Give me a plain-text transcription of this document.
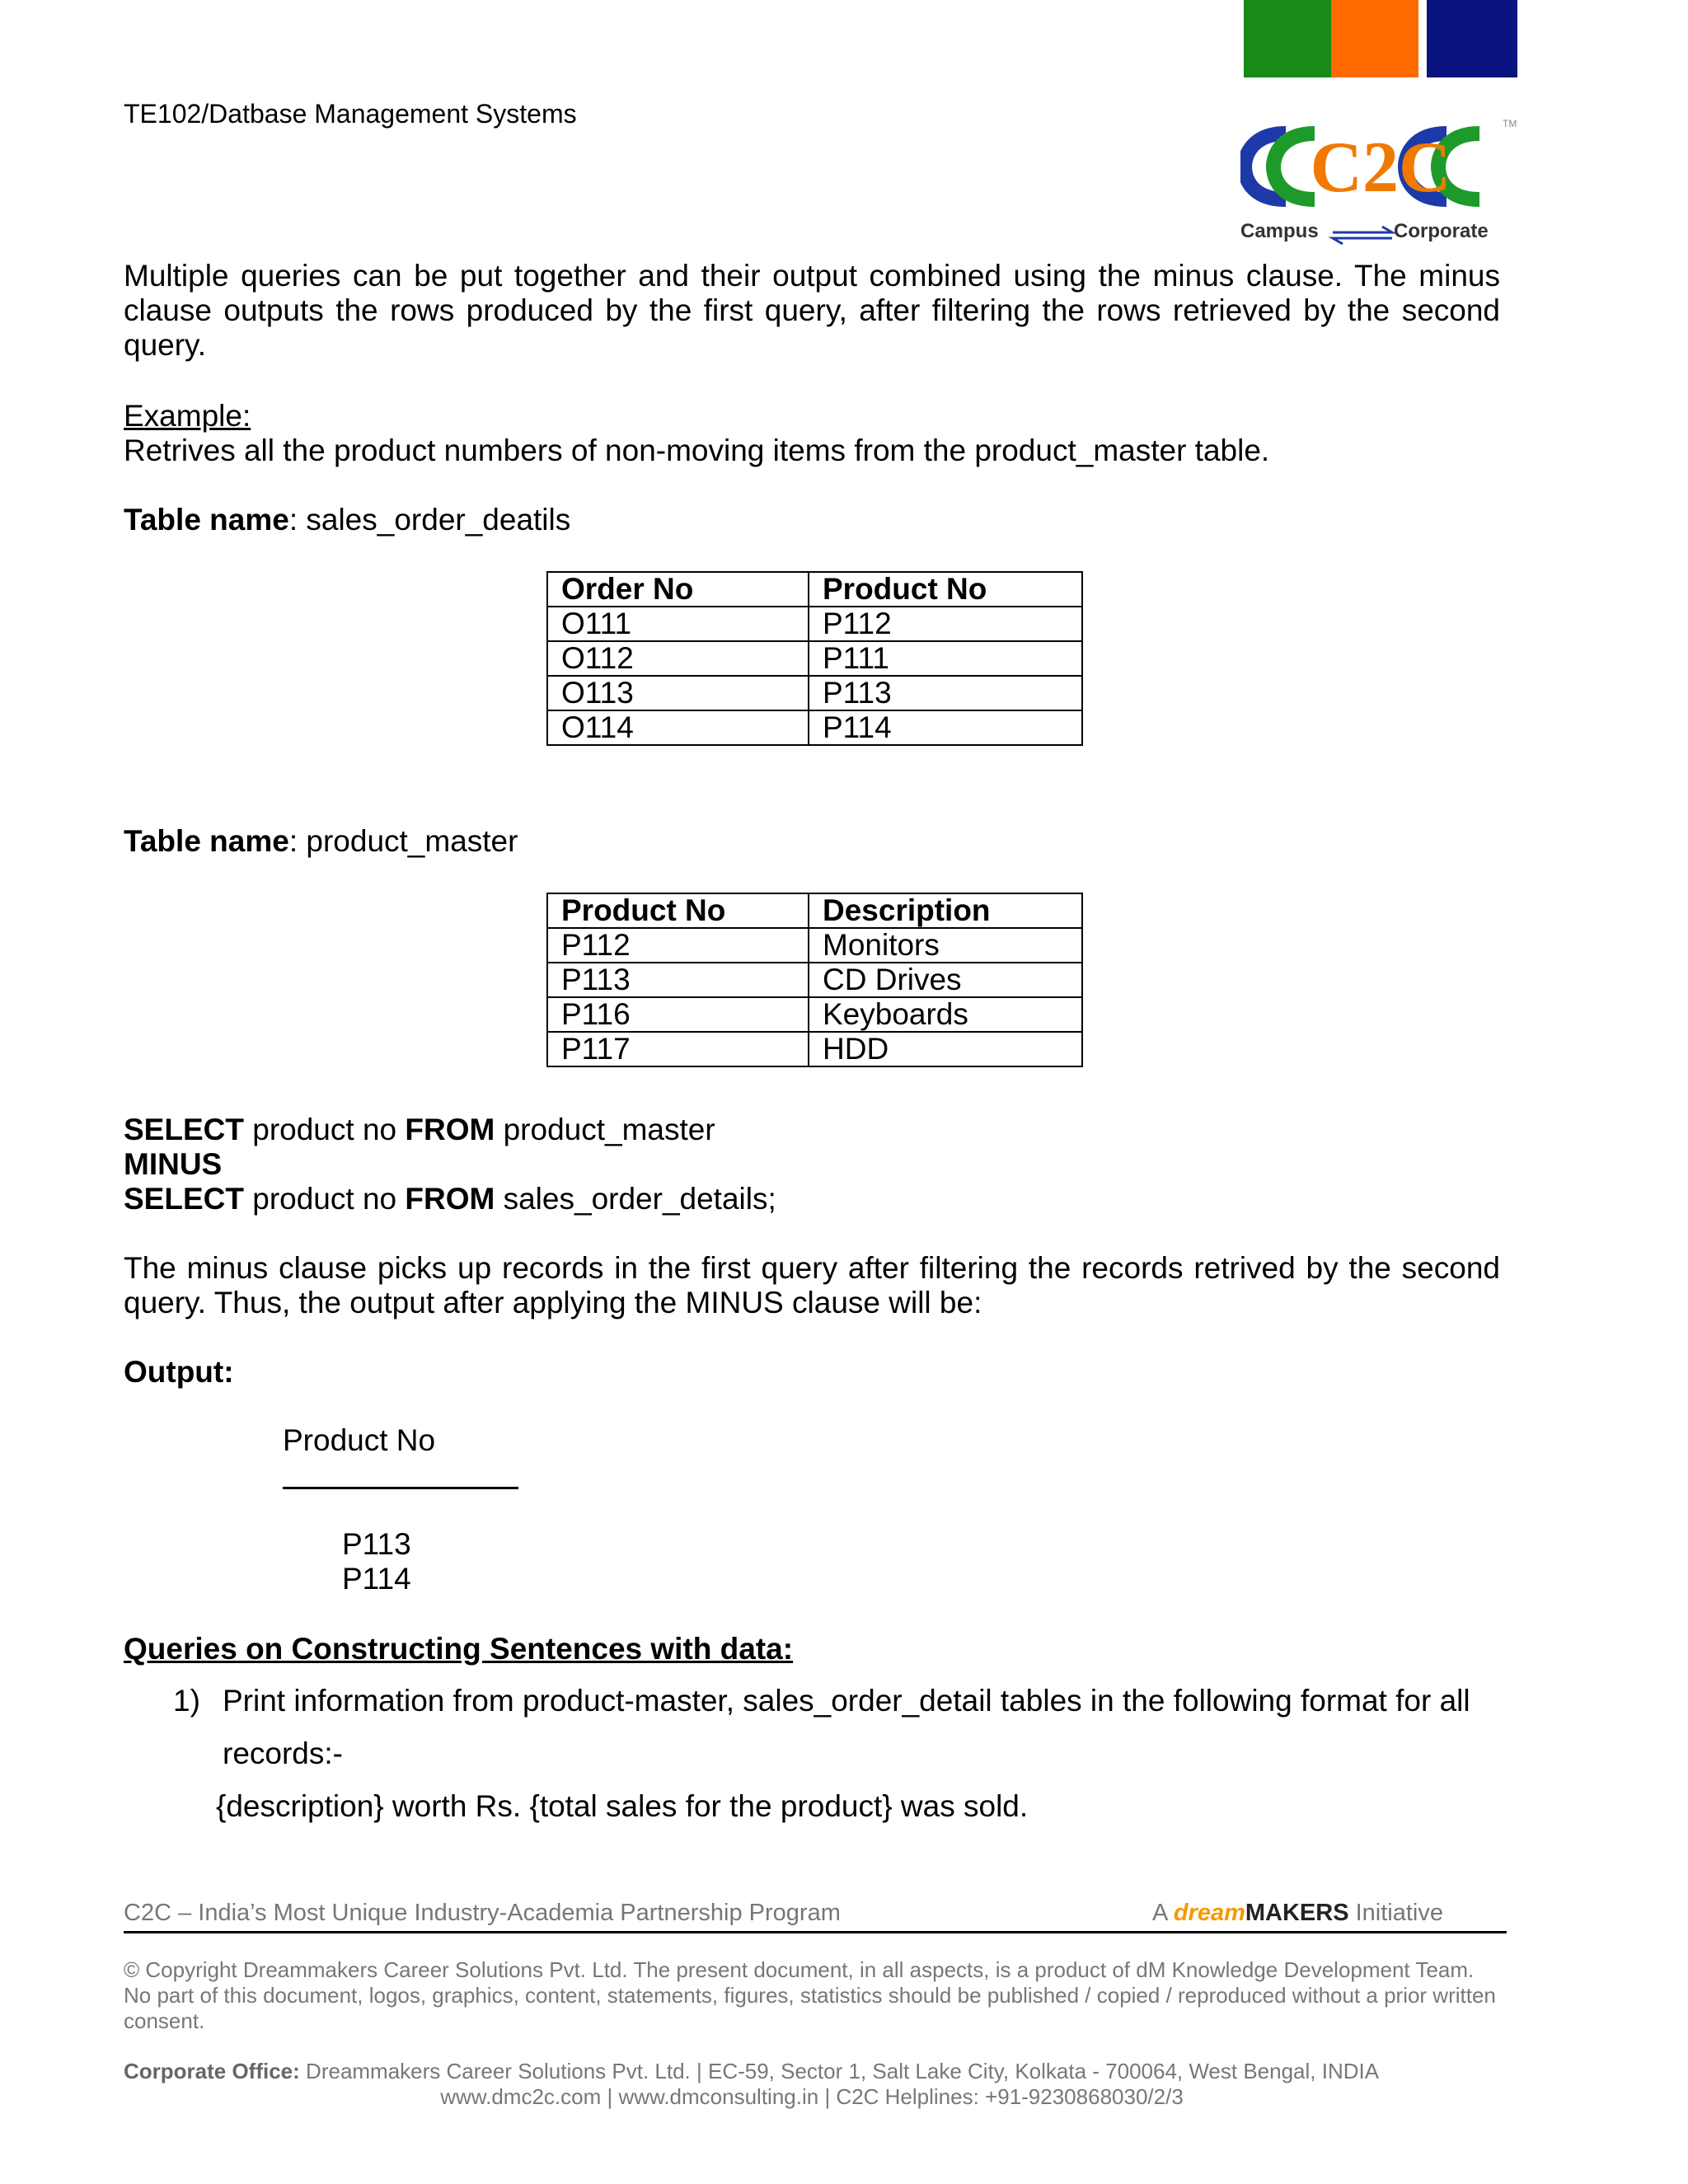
TE102/Datbase Management Systems
C2C
TM
Campus	Corporate
Multiple queries can be put together and their output combined using the minus clause. The minus clause outputs the rows produced by the first query, after filtering the rows retrieved by the second query.
Example:
Retrives all the product numbers of non-moving items from the product_master table.
Table name: sales_order_deatils
Order No	Product No
O111	P112
O112	P111
O113	P113
O114	P114
Table name: product_master
Product No	Description
P112	Monitors
P113	CD Drives
P116	Keyboards
P117	HDD
SELECT product no FROM product_master
MINUS
SELECT product no FROM sales_order_details;
The minus clause picks up records in the first query after filtering the records retrived by the second query. Thus, the output after applying the MINUS clause will be:
Output:
Product No
P113
P114
Queries on Constructing Sentences with data:
1) Print information from product-master, sales_order_detail tables in the following format for all
records:-
{description} worth Rs. {total sales for the product} was sold.
C2C – India’s Most Unique Industry-Academia Partnership Program	A dreamMAKERS Initiative
© Copyright Dreammakers Career Solutions Pvt. Ltd. The present document, in all aspects, is a product of dM Knowledge Development Team. No part of this document, logos, graphics, content, statements, figures, statistics should be published / copied / reproduced without a prior written consent.
Corporate Office: Dreammakers Career Solutions Pvt. Ltd. | EC-59, Sector 1, Salt Lake City, Kolkata - 700064, West Bengal, INDIA
www.dmc2c.com | www.dmconsulting.in | C2C Helplines: +91-9230868030/2/3
